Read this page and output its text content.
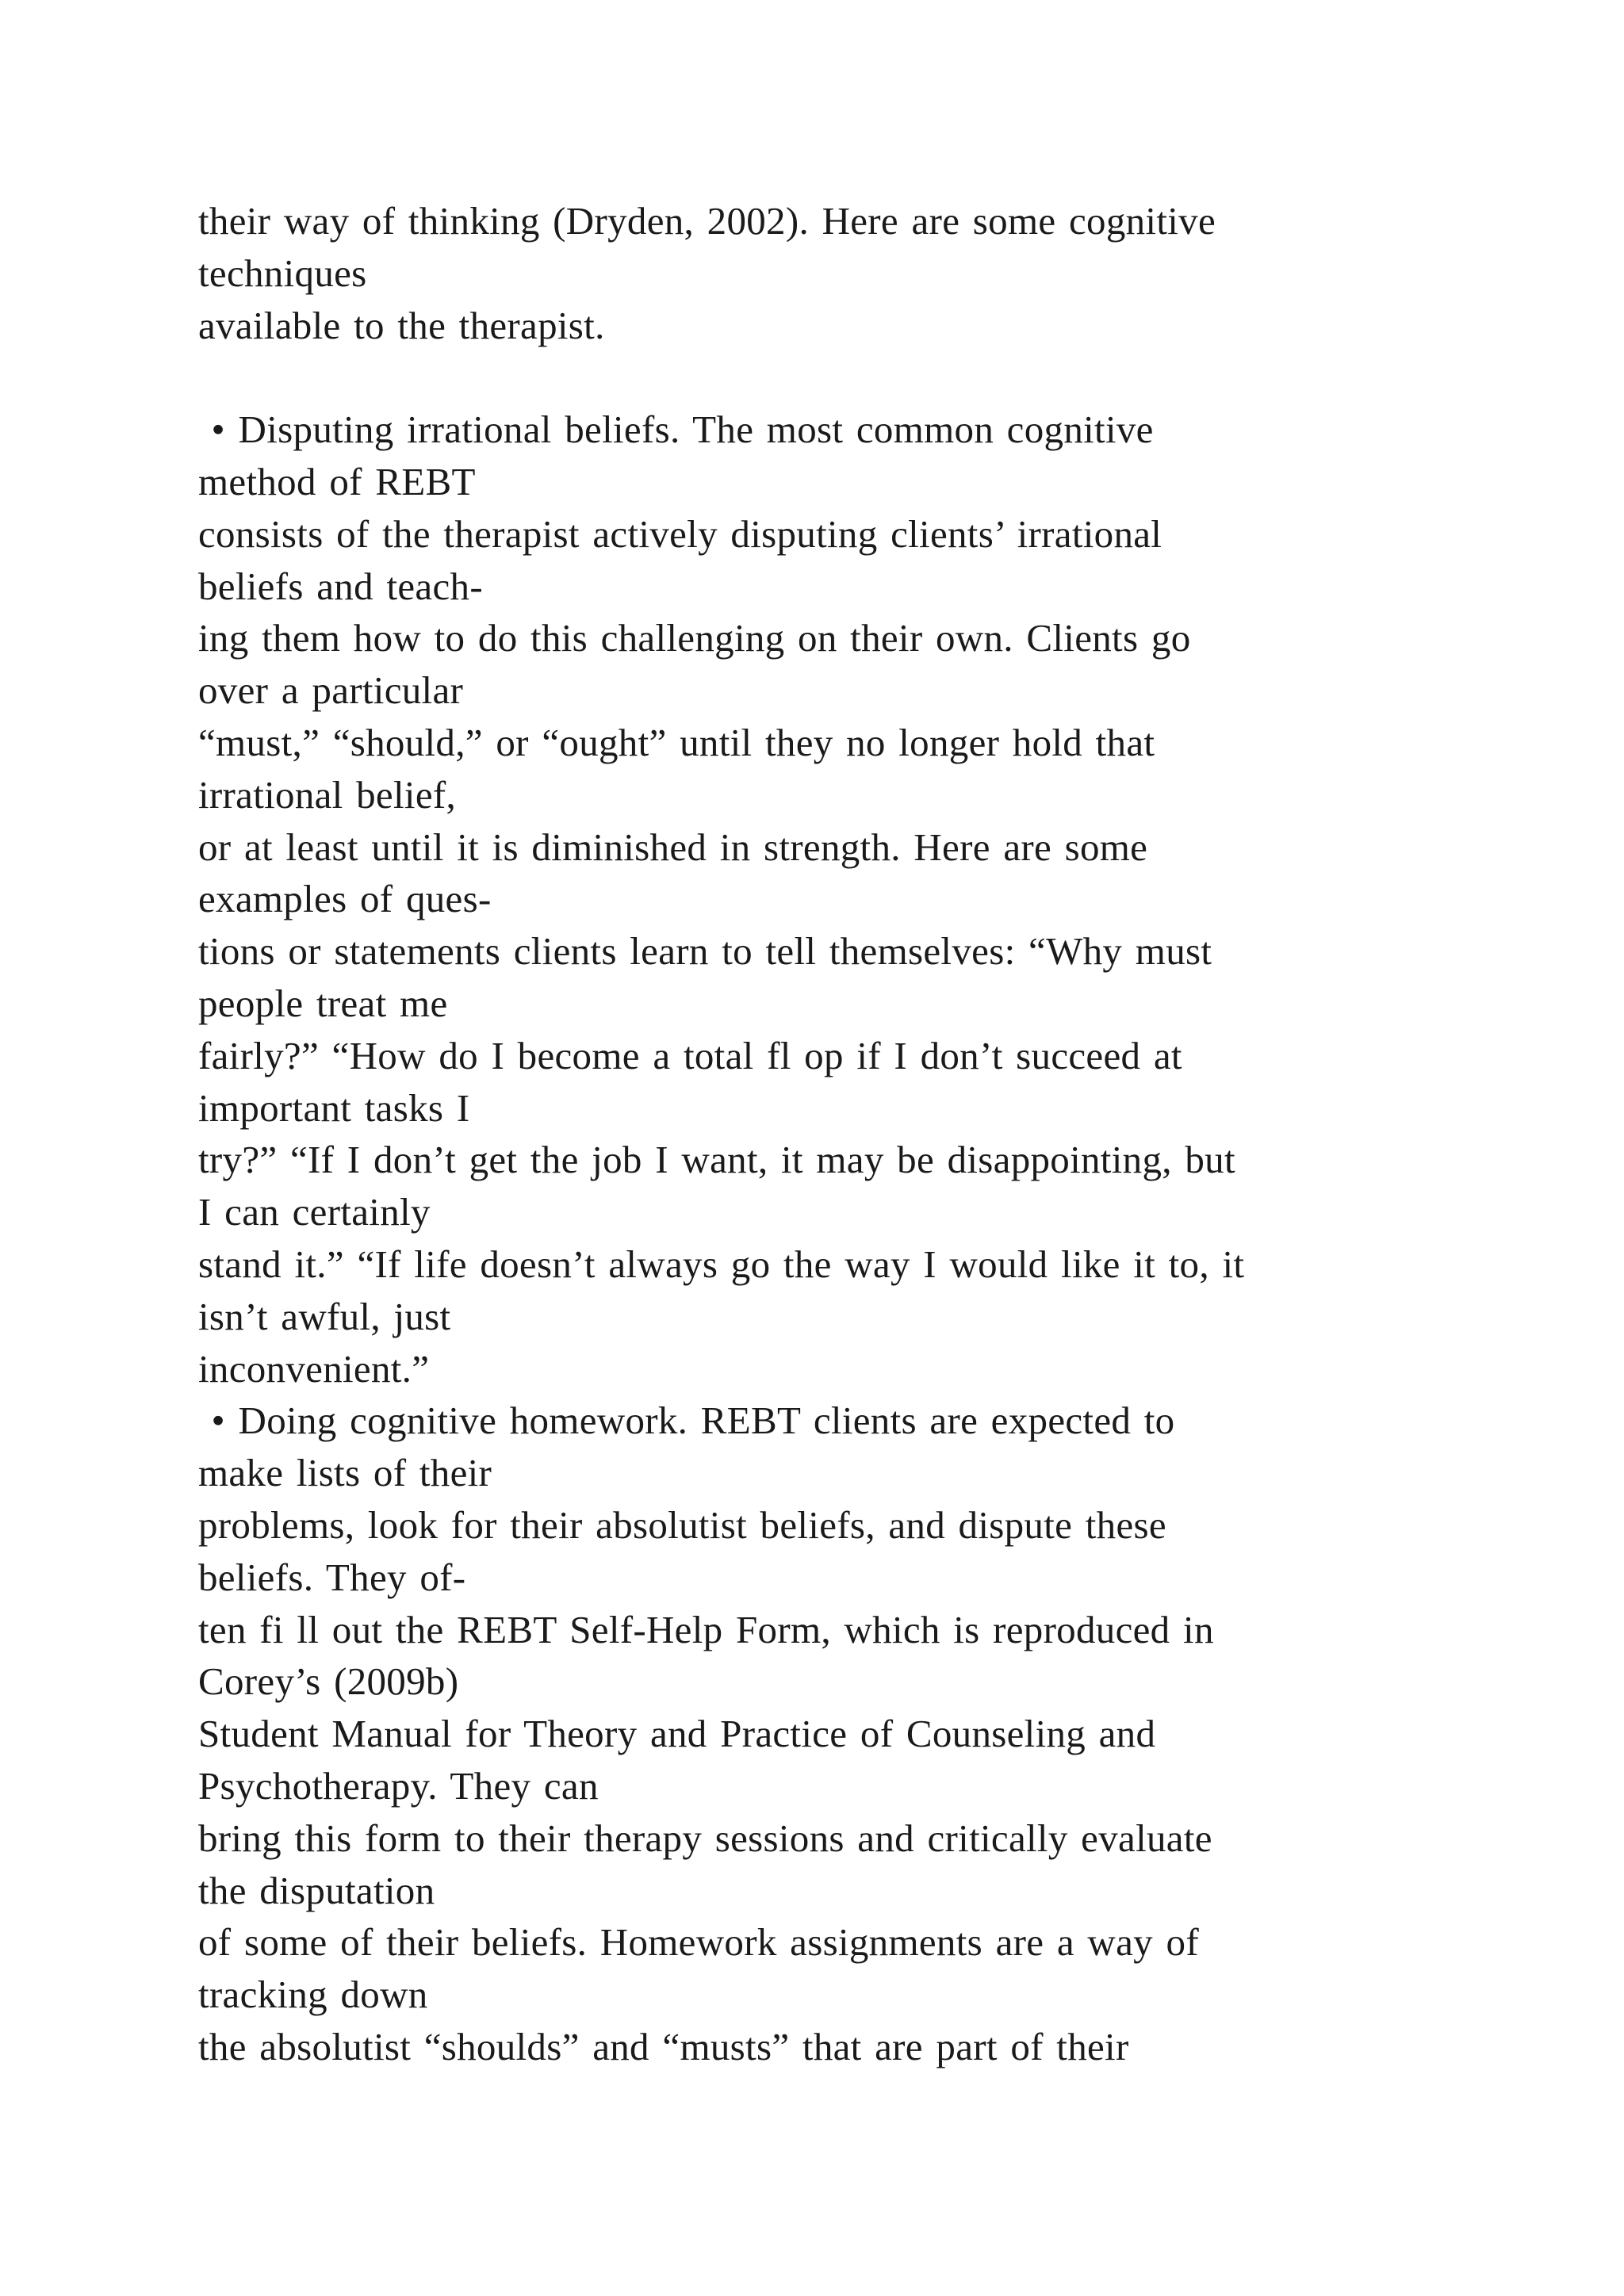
their way of thinking (Dryden, 2002). Here are some cognitive
techniques
available to the therapist.
• Disputing irrational beliefs. The most common cognitive
method of REBT
consists of the therapist actively disputing clients’ irrational
beliefs and teach-
ing them how to do this challenging on their own. Clients go
over a particular
“must,” “should,” or “ought” until they no longer hold that
irrational belief,
or at least until it is diminished in strength. Here are some
examples of ques-
tions or statements clients learn to tell themselves: “Why must
people treat me
fairly?” “How do I become a total fl op if I don’t succeed at
important tasks I
try?” “If I don’t get the job I want, it may be disappointing, but
I can certainly
stand it.” “If life doesn’t always go the way I would like it to, it
isn’t awful, just
inconvenient.”
• Doing cognitive homework. REBT clients are expected to
make lists of their
problems, look for their absolutist beliefs, and dispute these
beliefs. They of-
ten fi ll out the REBT Self-Help Form, which is reproduced in
Corey’s (2009b)
Student Manual for Theory and Practice of Counseling and
Psychotherapy. They can
bring this form to their therapy sessions and critically evaluate
the disputation
of some of their beliefs. Homework assignments are a way of
tracking down
the absolutist “shoulds” and “musts” that are part of their
